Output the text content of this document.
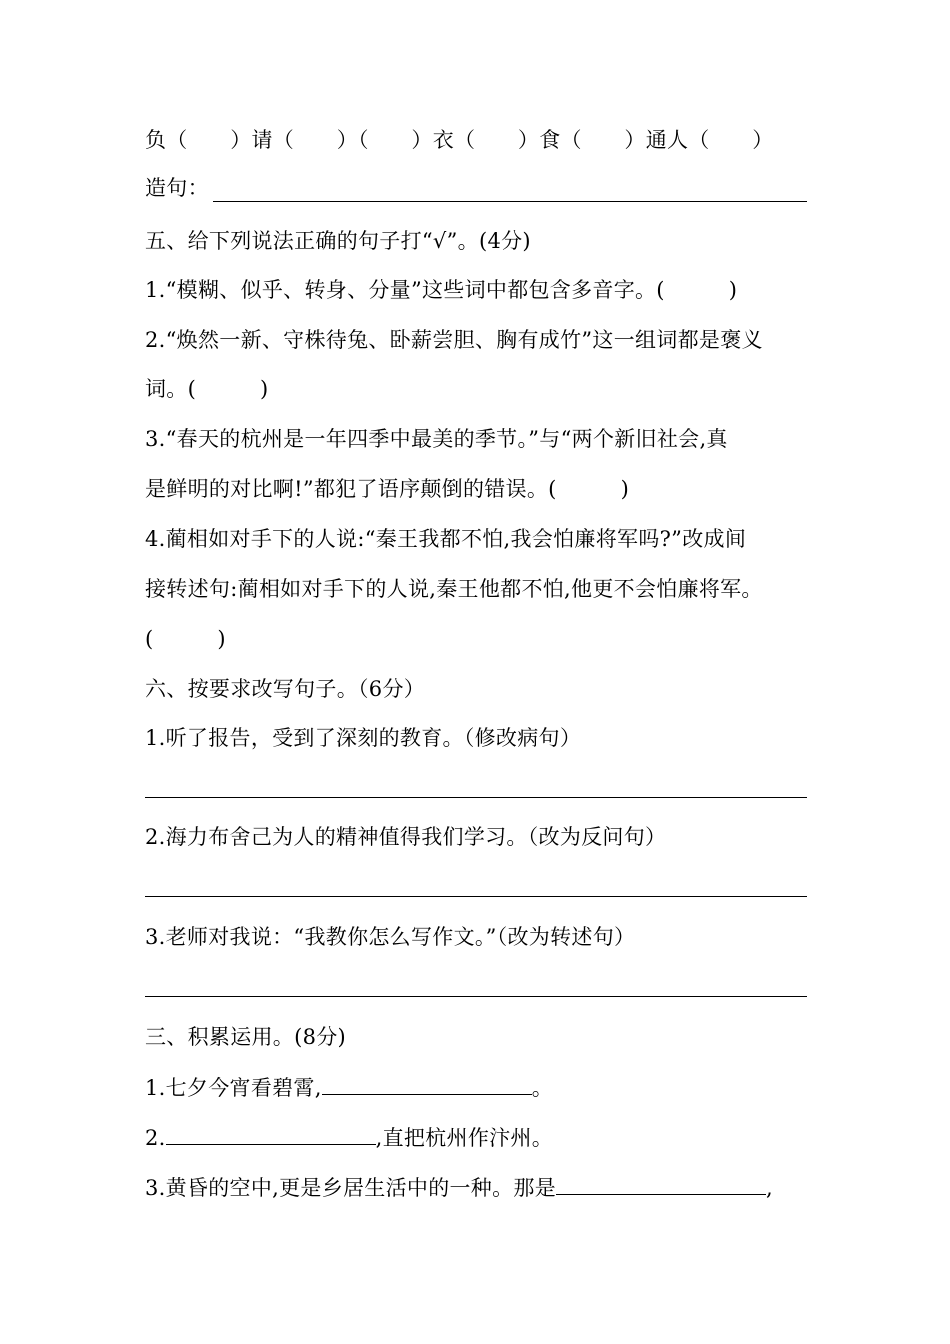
负（　　）请（　　）（　　）衣（　　）食（　　）通人（　　）
造句：
五、给下列说法正确的句子打“√”。(4分)
1.“模糊、似乎、转身、分量”这些词中都包含多音字。(　　　)
2.“焕然一新、守株待兔、卧薪尝胆、胸有成竹”这一组词都是褒义
词。(　　　)
3.“春天的杭州是一年四季中最美的季节。”与“两个新旧社会,真
是鲜明的对比啊!”都犯了语序颠倒的错误。(　　　)
4.蔺相如对手下的人说:“秦王我都不怕,我会怕廉将军吗?”改成间
接转述句:蔺相如对手下的人说,秦王他都不怕,他更不会怕廉将军。
(　　　)
六、按要求改写句子。（6分）
1.听了报告，受到了深刻的教育。（修改病句）
2.海力布舍己为人的精神值得我们学习。（改为反问句）
3.老师对我说：“我教你怎么写作文。”（改为转述句）
三、积累运用。(8分)
1.七夕今宵看碧霄,	。
2.	,直把杭州作汴州。
3.黄昏的空中,更是乡居生活中的一种。那是	,
